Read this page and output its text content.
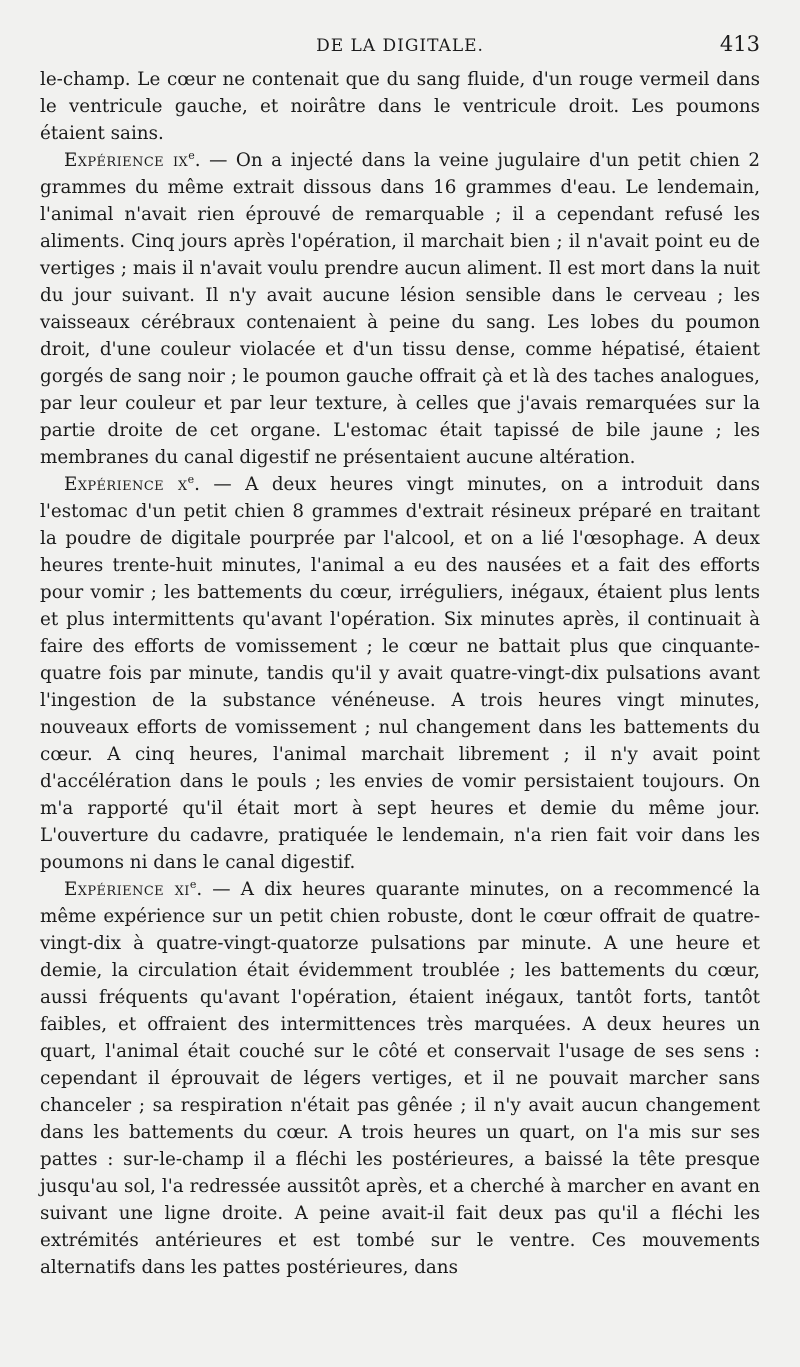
DE LA DIGITALE.	413

le-champ. Le cœur ne contenait que du sang fluide, d'un rouge vermeil dans le ventricule gauche, et noirâtre dans le ventricule droit. Les poumons étaient sains.

Expérience $ix^e$. — On a injecté dans la veine jugulaire d'un petit chien 2 grammes du même extrait dissous dans 16 grammes d'eau. Le lendemain, l'animal n'avait rien éprouvé de remarquable ; il a cependant refusé les aliments. Cinq jours après l'opération, il marchait bien ; il n'avait point eu de vertiges ; mais il n'avait voulu prendre aucun aliment. Il est mort dans la nuit du jour suivant. Il n'y avait aucune lésion sensible dans le cerveau ; les vaisseaux cérébraux contenaient à peine du sang. Les lobes du poumon droit, d'une couleur violacée et d'un tissu dense, comme hépatisé, étaient gorgés de sang noir ; le poumon gauche offrait çà et là des taches analogues, par leur couleur et par leur texture, à celles que j'avais remarquées sur la partie droite de cet organe. L'estomac était tapissé de bile jaune ; les membranes du canal digestif ne présentaient aucune altération.

Expérience $x^e$. — A deux heures vingt minutes, on a introduit dans l'estomac d'un petit chien 8 grammes d'extrait résineux préparé en traitant la poudre de digitale pourprée par l'alcool, et on a lié l'œsophage. A deux heures trente-huit minutes, l'animal a eu des nausées et a fait des efforts pour vomir ; les battements du cœur, irréguliers, inégaux, étaient plus lents et plus intermittents qu'avant l'opération. Six minutes après, il continuait à faire des efforts de vomissement ; le cœur ne battait plus que cinquante-quatre fois par minute, tandis qu'il y avait quatre-vingt-dix pulsations avant l'ingestion de la substance vénéneuse. A trois heures vingt minutes, nouveaux efforts de vomissement ; nul changement dans les battements du cœur. A cinq heures, l'animal marchait librement ; il n'y avait point d'accélération dans le pouls ; les envies de vomir persistaient toujours. On m'a rapporté qu'il était mort à sept heures et demie du même jour. L'ouverture du cadavre, pratiquée le lendemain, n'a rien fait voir dans les poumons ni dans le canal digestif.

Expérience $xi^e$. — A dix heures quarante minutes, on a recommencé la même expérience sur un petit chien robuste, dont le cœur offrait de quatre-vingt-dix à quatre-vingt-quatorze pulsations par minute. A une heure et demie, la circulation était évidemment troublée ; les battements du cœur, aussi fréquents qu'avant l'opération, étaient inégaux, tantôt forts, tantôt faibles, et offraient des intermittences très marquées. A deux heures un quart, l'animal était couché sur le côté et conservait l'usage de ses sens : cependant il éprouvait de légers vertiges, et il ne pouvait marcher sans chanceler ; sa respiration n'était pas gênée ; il n'y avait aucun changement dans les battements du cœur. A trois heures un quart, on l'a mis sur ses pattes : sur-le-champ il a fléchi les postérieures, a baissé la tête presque jusqu'au sol, l'a redressée aussitôt après, et a cherché à marcher en avant en suivant une ligne droite. A peine avait-il fait deux pas qu'il a fléchi les extrémités antérieures et est tombé sur le ventre. Ces mouvements alternatifs dans les pattes postérieures, dans
